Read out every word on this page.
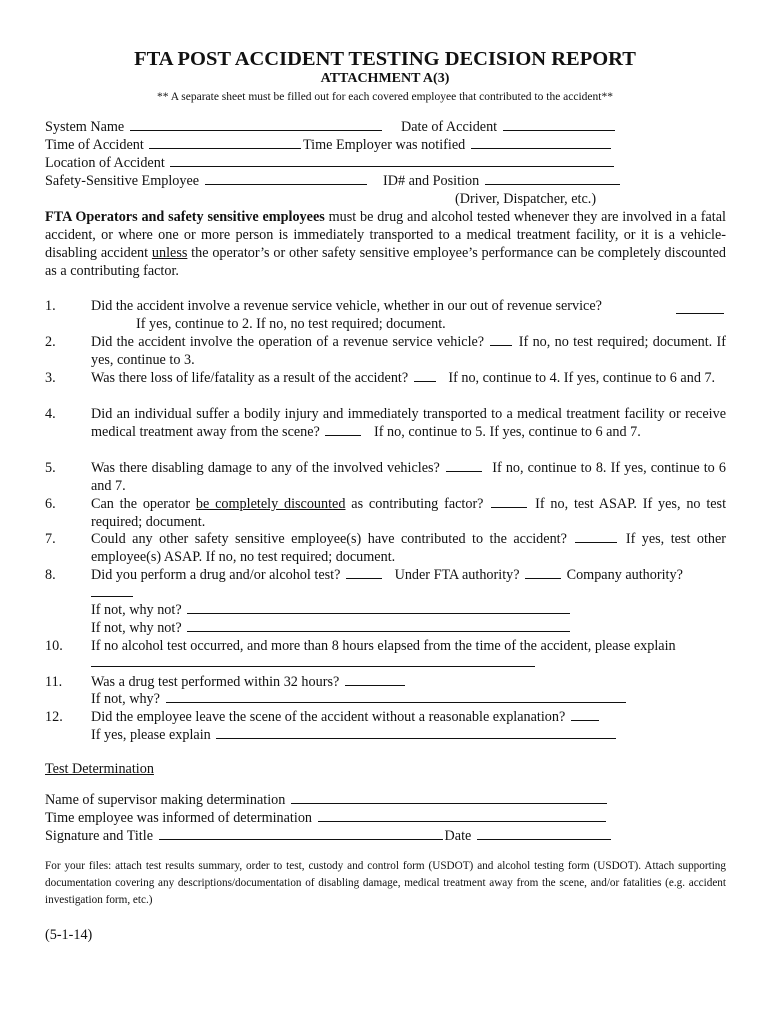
FTA POST ACCIDENT TESTING DECISION REPORT
ATTACHMENT A(3)
** A separate sheet must be filled out for each covered employee that contributed to the accident**
System Name	Date of Accident
Time of Accident	Time Employer was notified
Location of Accident
Safety-Sensitive Employee	ID# and Position
(Driver, Dispatcher, etc.)
FTA Operators and safety sensitive employees must be drug and alcohol tested whenever they are involved in a fatal accident, or where one or more person is immediately transported to a medical treatment facility, or it is a vehicle-disabling accident unless the operator’s or other safety sensitive employee’s performance can be completely discounted as a contributing factor.
1. Did the accident involve a revenue service vehicle, whether in our out of revenue service?
If yes, continue to 2. If no, no test required; document.
2. Did the accident involve the operation of a revenue service vehicle? If no, no test required; document. If yes, continue to 3.
3. Was there loss of life/fatality as a result of the accident?	If no, continue to 4. If yes, continue to 6 and 7.
4. Did an individual suffer a bodily injury and immediately transported to a medical treatment facility or receive medical treatment away from the scene?	If no, continue to 5. If yes, continue to 6 and 7.
5. Was there disabling damage to any of the involved vehicles?	If no, continue to 8. If yes, continue to 6 and 7.
6. Can the operator be completely discounted as contributing factor?	If no, test ASAP. If yes, no test required; document.
7. Could any other safety sensitive employee(s) have contributed to the accident?	If yes, test other employee(s) ASAP. If no, no test required; document.
8. Did you perform a drug and/or alcohol test?	Under FTA authority?	Company authority?
If not, why not?
If not, why not?
10. If no alcohol test occurred, and more than 8 hours elapsed from the time of the accident, please explain
11. Was a drug test performed within 32 hours?
If not, why?
12. Did the employee leave the scene of the accident without a reasonable explanation?
If yes, please explain
Test Determination
Name of supervisor making determination
Time employee was informed of determination
Signature and Title	Date
For your files: attach test results summary, order to test, custody and control form (USDOT) and alcohol testing form (USDOT). Attach supporting documentation covering any descriptions/documentation of disabling damage, medical treatment away from the scene, and/or fatalities (e.g. accident investigation form, etc.)
(5-1-14)
